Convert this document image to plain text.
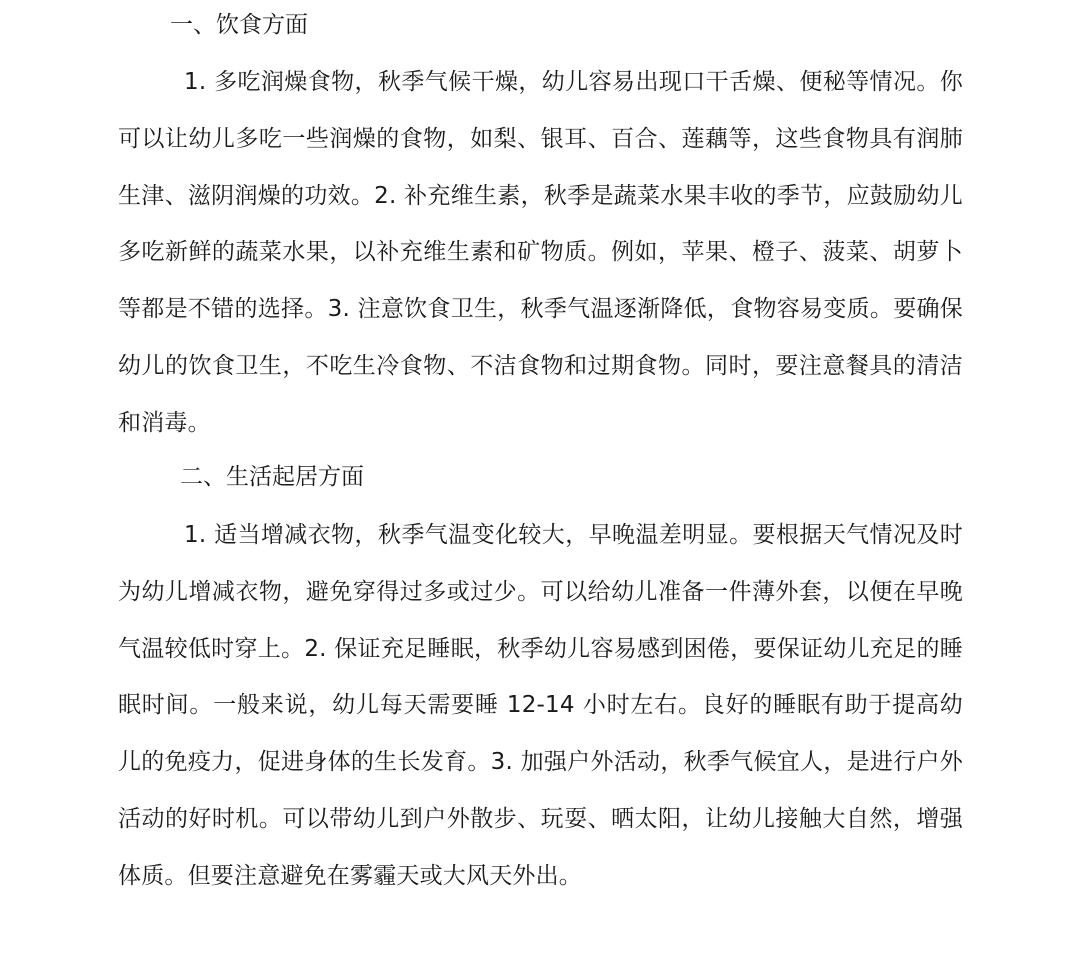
一、饮食方面

1. 多吃润燥食物，秋季气候干燥，幼儿容易出现口干舌燥、便秘等情况。你可以让幼儿多吃一些润燥的食物，如梨、银耳、百合、莲藕等，这些食物具有润肺生津、滋阴润燥的功效。2. 补充维生素，秋季是蔬菜水果丰收的季节，应鼓励幼儿多吃新鲜的蔬菜水果，以补充维生素和矿物质。例如，苹果、橙子、菠菜、胡萝卜等都是不错的选择。3. 注意饮食卫生，秋季气温逐渐降低，食物容易变质。要确保幼儿的饮食卫生，不吃生冷食物、不洁食物和过期食物。同时，要注意餐具的清洁和消毒。

二、生活起居方面

1. 适当增减衣物，秋季气温变化较大，早晚温差明显。要根据天气情况及时为幼儿增减衣物，避免穿得过多或过少。可以给幼儿准备一件薄外套，以便在早晚气温较低时穿上。2. 保证充足睡眠，秋季幼儿容易感到困倦，要保证幼儿充足的睡眠时间。一般来说，幼儿每天需要睡 12-14 小时左右。良好的睡眠有助于提高幼儿的免疫力，促进身体的生长发育。3. 加强户外活动，秋季气候宜人，是进行户外活动的好时机。可以带幼儿到户外散步、玩耍、晒太阳，让幼儿接触大自然，增强体质。但要注意避免在雾霾天或大风天外出。
